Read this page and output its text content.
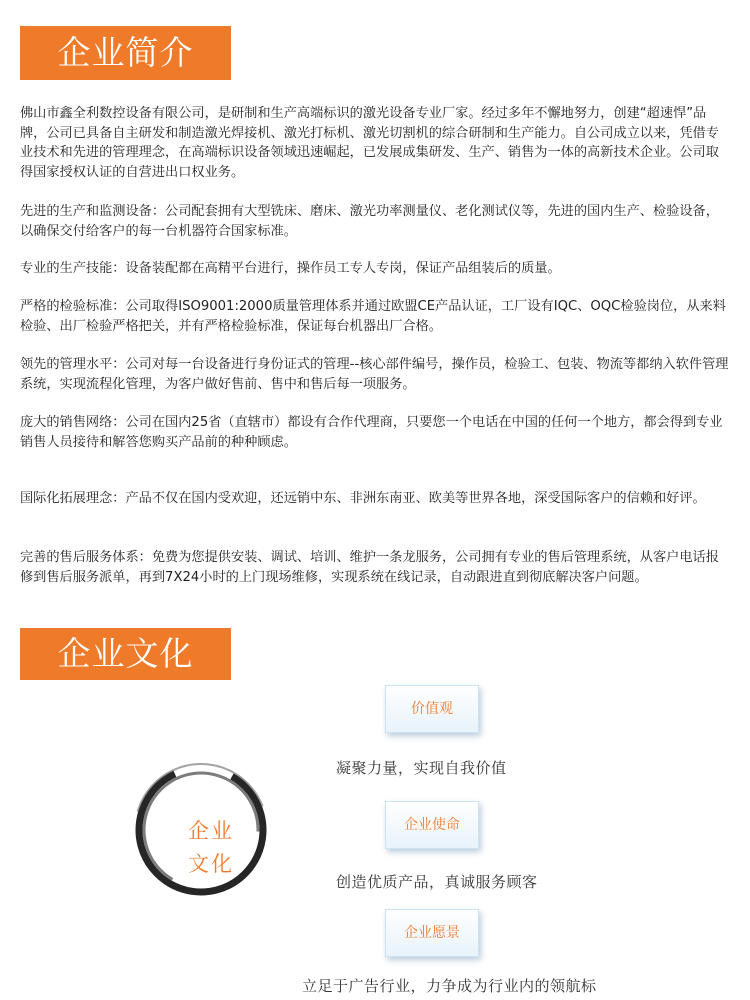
企业简介

佛山市鑫全利数控设备有限公司，是研制和生产高端标识的激光设备专业厂家。经过多年不懈地努力，创建“超速悍”品牌，公司已具备自主研发和制造激光焊接机、激光打标机、激光切割机的综合研制和生产能力。自公司成立以来，凭借专业技术和先进的管理理念，在高端标识设备领域迅速崛起，已发展成集研发、生产、销售为一体的高新技术企业。公司取得国家授权认证的自营进出口权业务。

先进的生产和监测设备：公司配套拥有大型铣床、磨床、激光功率测量仪、老化测试仪等，先进的国内生产、检验设备，以确保交付给客户的每一台机器符合国家标准。

专业的生产技能：设备装配都在高精平台进行，操作员工专人专岗，保证产品组装后的质量。

严格的检验标准：公司取得ISO9001:2000质量管理体系并通过欧盟CE产品认证，工厂设有IQC、OQC检验岗位，从来料检验、出厂检验严格把关，并有严格检验标准，保证每台机器出厂合格。

领先的管理水平：公司对每一台设备进行身份证式的管理--核心部件编号，操作员，检验工、包装、物流等都纳入软件管理系统，实现流程化管理，为客户做好售前、售中和售后每一项服务。

庞大的销售网络：公司在国内25省（直辖市）都设有合作代理商，只要您一个电话在中国的任何一个地方，都会得到专业销售人员接待和解答您购买产品前的种种顾虑。

国际化拓展理念：产品不仅在国内受欢迎，还远销中东、非洲东南亚、欧美等世界各地，深受国际客户的信赖和好评。

完善的售后服务体系：免费为您提供安装、调试、培训、维护一条龙服务，公司拥有专业的售后管理系统，从客户电话报修到售后服务派单，再到7X24小时的上门现场维修，实现系统在线记录，自动跟进直到彻底解决客户问题。

企业文化
企业
文化
价值观
凝聚力量，实现自我价值
企业使命
创造优质产品，真诚服务顾客
企业愿景
立足于广告行业，力争成为行业内的领航标
